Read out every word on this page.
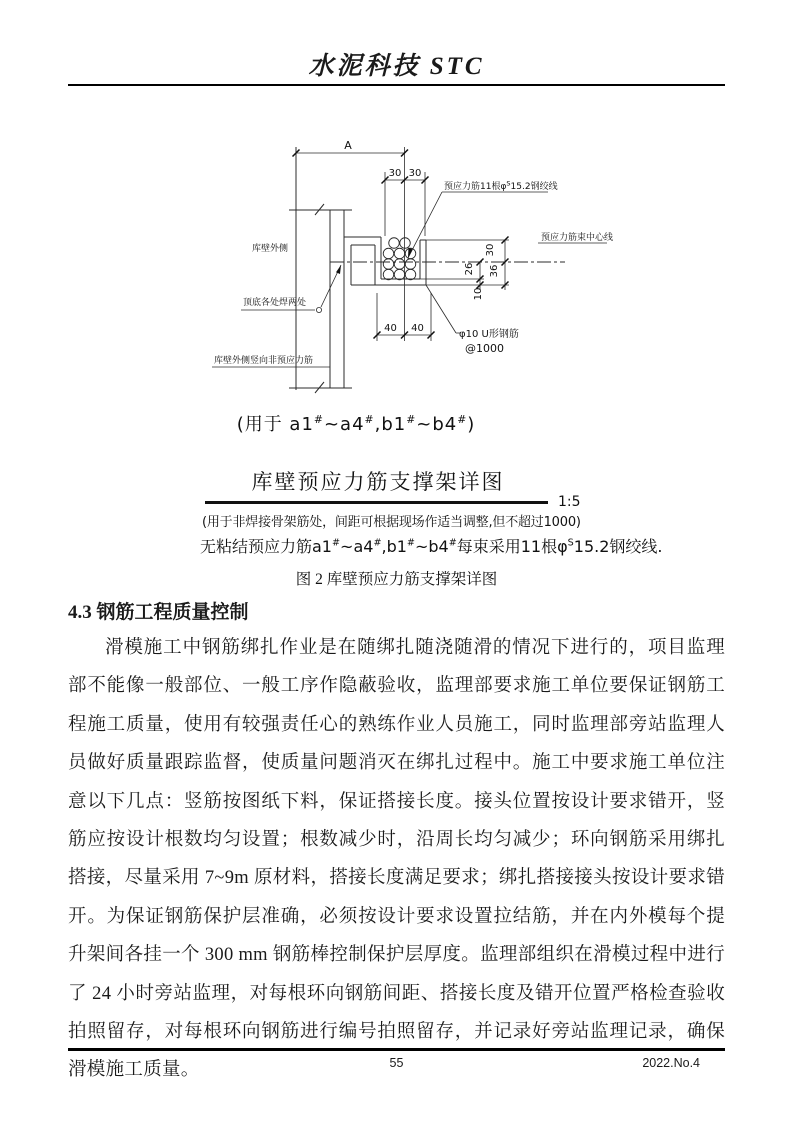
水泥科技 STC
A
30 30
40 40
30
36
26
10
预应力筋11根$\varphi^S15.2$钢绞线
预应力筋束中心线
库壁外侧
顶底各处焊两处
库壁外侧竖向非预应力筋
φ10 U形钢筋
@1000
(用于 a1#~a4#,b1#~b4#)
库壁预应力筋支撑架详图
1:5
(用于非焊接骨架筋处，间距可根据现场作适当调整,但不超过1000)
无粘结预应力筋a1#~a4#,b1#~b4#每束采用11根$\varphi^S15.2$钢绞线.
图 2 库壁预应力筋支撑架详图
4.3 钢筋工程质量控制
滑模施工中钢筋绑扎作业是在随绑扎随浇随滑的情况下进行的，项目监理部不能像一般部位、一般工序作隐蔽验收，监理部要求施工单位要保证钢筋工程施工质量，使用有较强责任心的熟练作业人员施工，同时监理部旁站监理人员做好质量跟踪监督，使质量问题消灭在绑扎过程中。施工中要求施工单位注意以下几点：竖筋按图纸下料，保证搭接长度。接头位置按设计要求错开，竖筋应按设计根数均匀设置；根数减少时，沿周长均匀减少；环向钢筋采用绑扎搭接，尽量采用 7~9m 原材料，搭接长度满足要求；绑扎搭接接头按设计要求错开。为保证钢筋保护层准确，必须按设计要求设置拉结筋，并在内外模每个提升架间各挂一个 300 mm 钢筋棒控制保护层厚度。监理部组织在滑模过程中进行了 24 小时旁站监理，对每根环向钢筋间距、搭接长度及错开位置严格检查验收拍照留存，对每根环向钢筋进行编号拍照留存，并记录好旁站监理记录，确保滑模施工质量。	55	2022.No.4
